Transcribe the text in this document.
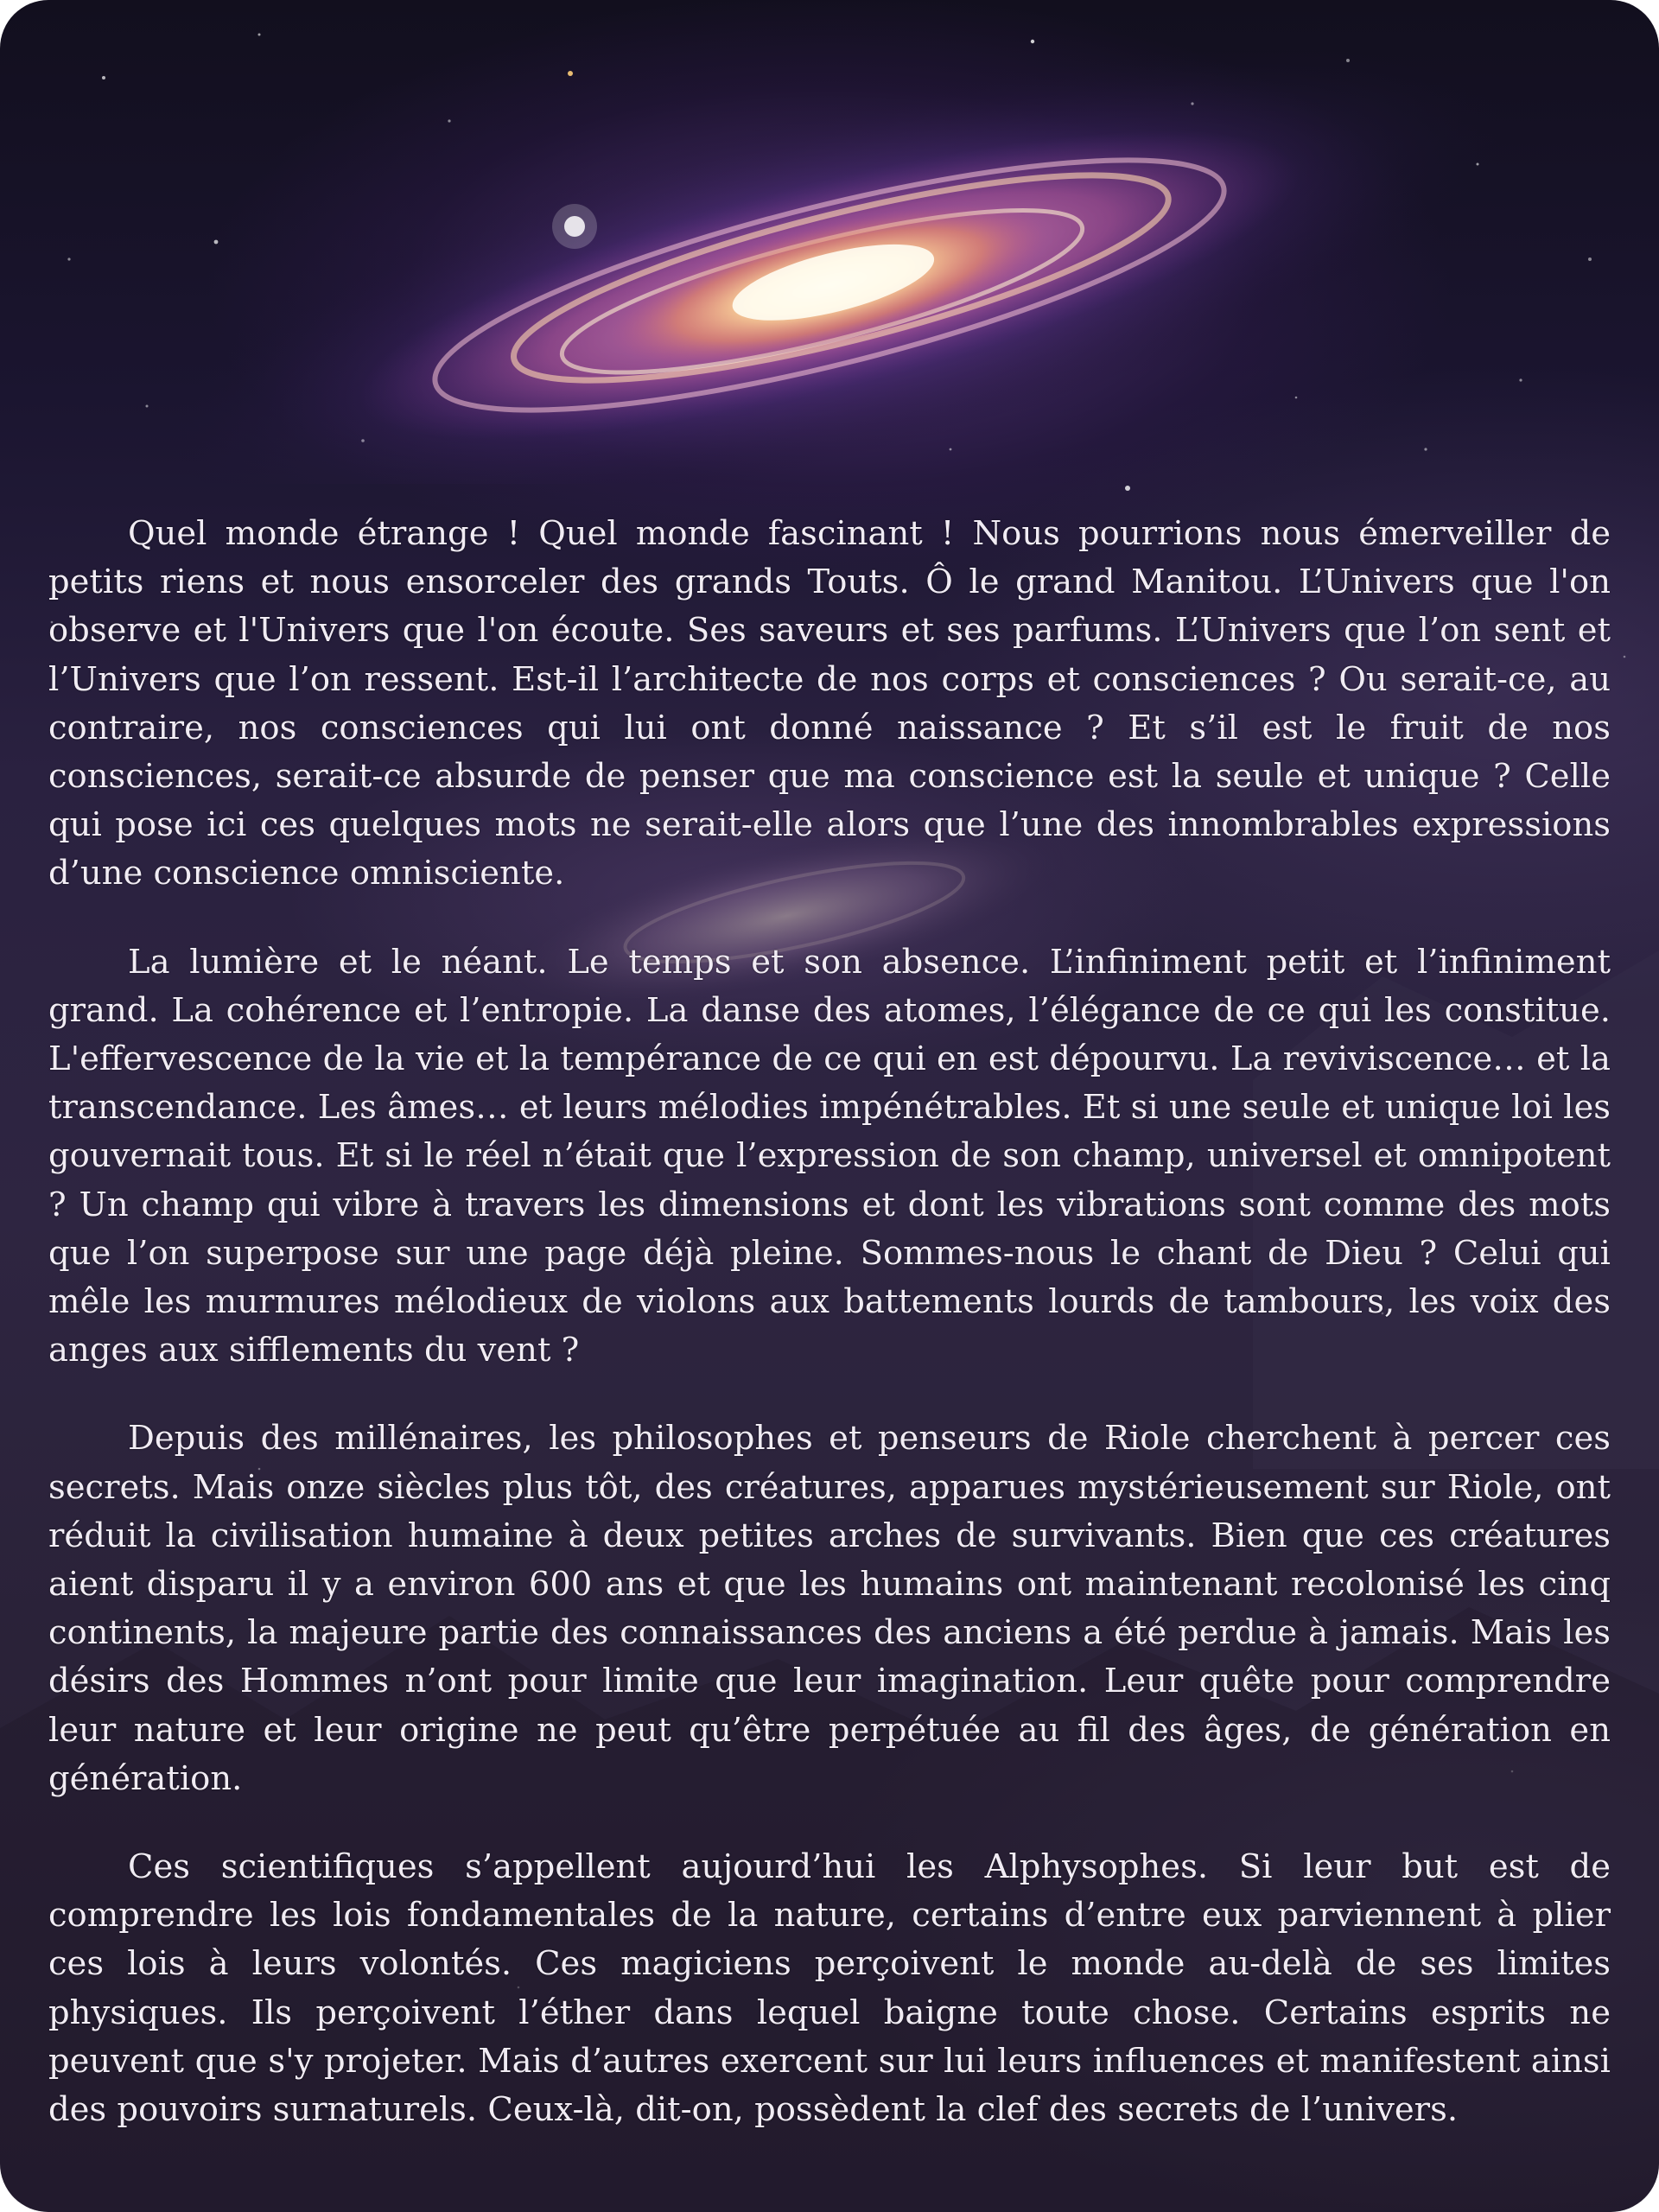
Quel monde étrange ! Quel monde fascinant ! Nous pourrions nous émerveiller de petits riens et nous ensorceler des grands Touts. Ô le grand Manitou. L’Univers que l'on observe et l'Univers que l'on écoute. Ses saveurs et ses parfums. L’Univers que l’on sent et l’Univers que l’on ressent. Est-il l’architecte de nos corps et consciences ? Ou serait-ce, au contraire, nos consciences qui lui ont donné naissance ? Et s’il est le fruit de nos consciences, serait-ce absurde de penser que ma conscience est la seule et unique ? Celle qui pose ici ces quelques mots ne serait-elle alors que l’une des innombrables expressions d’une conscience omnisciente.

La lumière et le néant. Le temps et son absence. L’infiniment petit et l’infiniment grand. La cohérence et l’entropie. La danse des atomes, l’élégance de ce qui les constitue. L'effervescence de la vie et la tempérance de ce qui en est dépourvu. La reviviscence… et la transcendance. Les âmes… et leurs mélodies impénétrables. Et si une seule et unique loi les gouvernait tous. Et si le réel n’était que l’expression de son champ, universel et omnipotent ? Un champ qui vibre à travers les dimensions et dont les vibrations sont comme des mots que l’on superpose sur une page déjà pleine. Sommes-nous le chant de Dieu ? Celui qui mêle les murmures mélodieux de violons aux battements lourds de tambours, les voix des anges aux sifflements du vent ?

Depuis des millénaires, les philosophes et penseurs de Riole cherchent à percer ces secrets. Mais onze siècles plus tôt, des créatures, apparues mystérieusement sur Riole, ont réduit la civilisation humaine à deux petites arches de survivants. Bien que ces créatures aient disparu il y a environ 600 ans et que les humains ont maintenant recolonisé les cinq continents, la majeure partie des connaissances des anciens a été perdue à jamais. Mais les désirs des Hommes n’ont pour limite que leur imagination. Leur quête pour comprendre leur nature et leur origine ne peut qu’être perpétuée au fil des âges, de génération en génération.

Ces scientifiques s’appellent aujourd’hui les Alphysophes. Si leur but est de comprendre les lois fondamentales de la nature, certains d’entre eux parviennent à plier ces lois à leurs volontés. Ces magiciens perçoivent le monde au-delà de ses limites physiques. Ils perçoivent l’éther dans lequel baigne toute chose. Certains esprits ne peuvent que s'y projeter. Mais d’autres exercent sur lui leurs influences et manifestent ainsi des pouvoirs surnaturels. Ceux-là, dit-on, possèdent la clef des secrets de l’univers.
